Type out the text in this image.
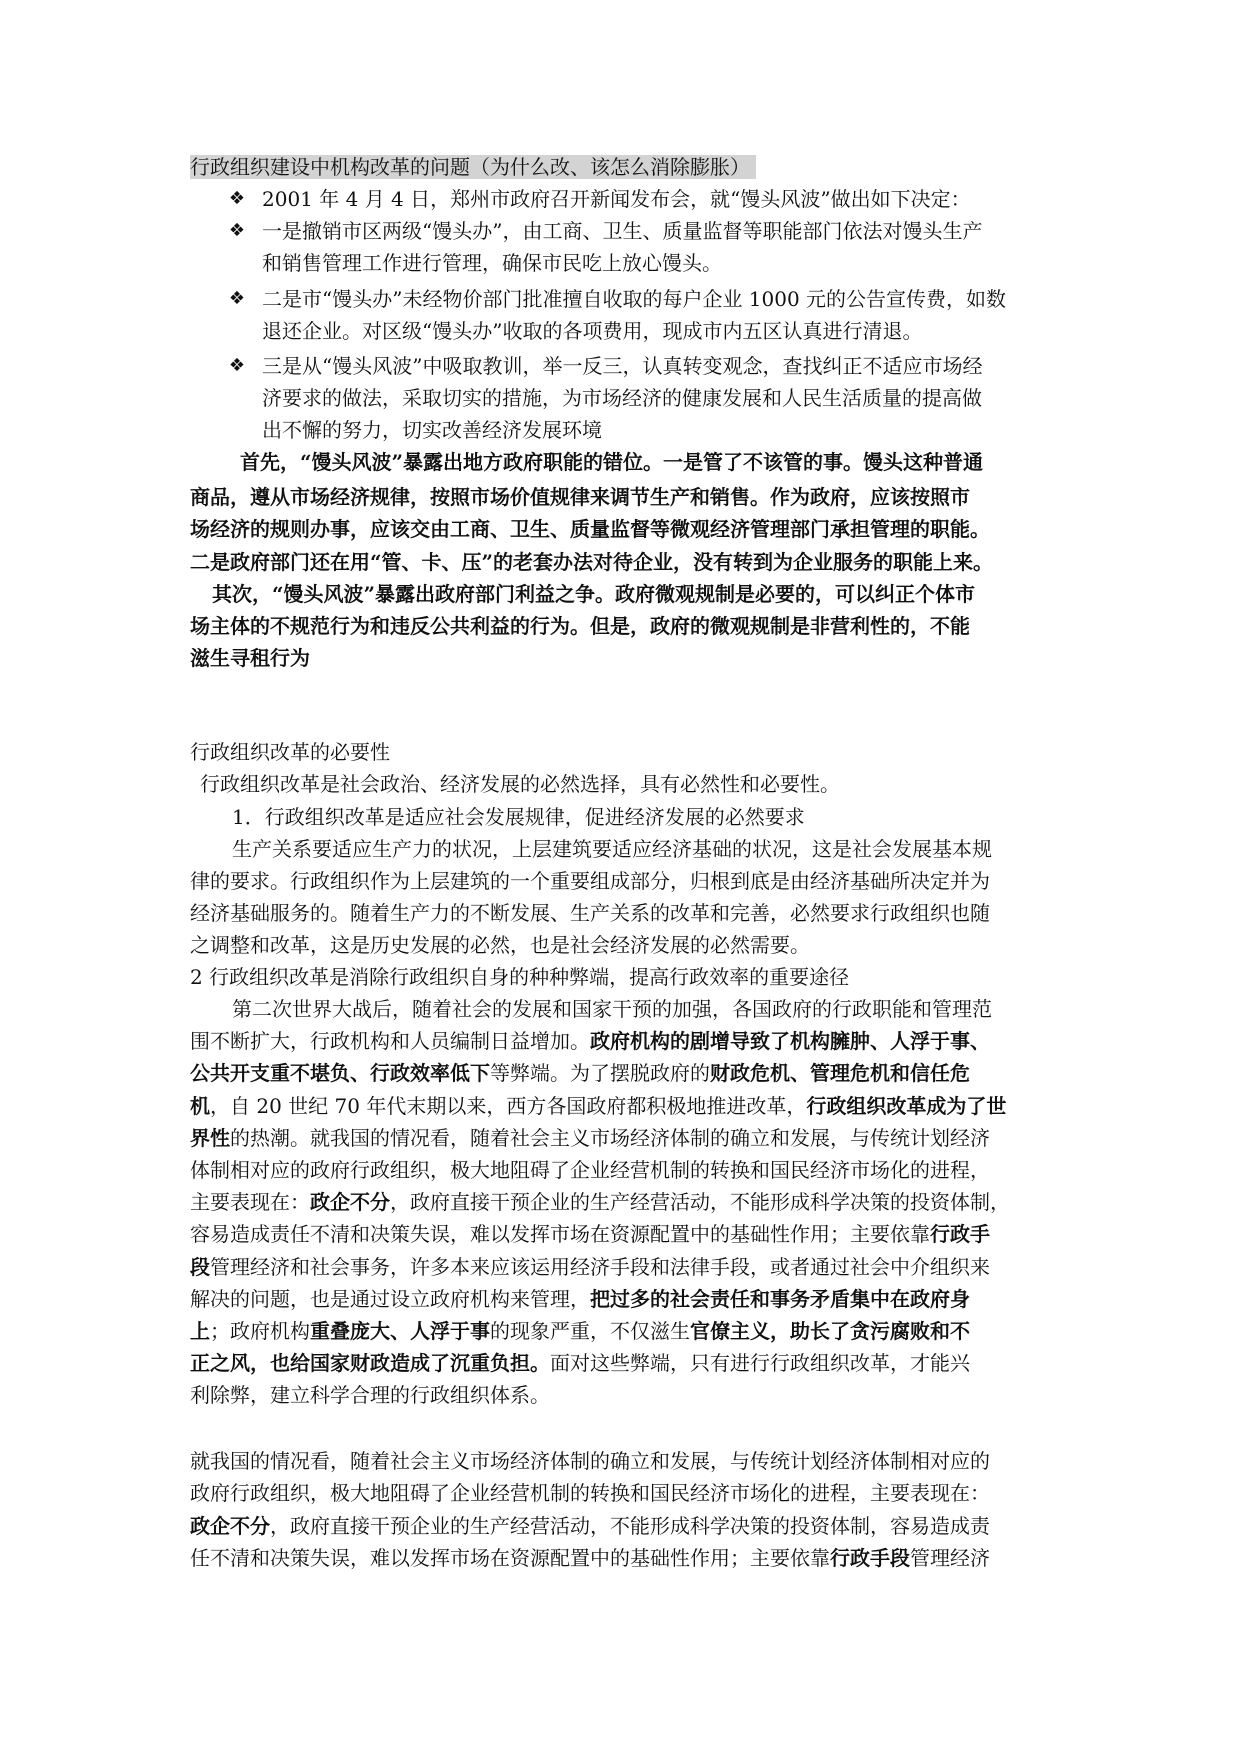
行政组织建设中机构改革的问题（为什么改、该怎么消除膨胀）
❖ 2001 年 4 月 4 日，郑州市政府召开新闻发布会，就“馒头风波”做出如下决定：
❖ 一是撤销市区两级“馒头办”，由工商、卫生、质量监督等职能部门依法对馒头生产
和销售管理工作进行管理，确保市民吃上放心馒头。
❖ 二是市“馒头办”未经物价部门批准擅自收取的每户企业 1000 元的公告宣传费，如数
退还企业。对区级“馒头办”收取的各项费用，现成市内五区认真进行清退。
❖ 三是从“馒头风波”中吸取教训，举一反三，认真转变观念，查找纠正不适应市场经
济要求的做法，采取切实的措施，为市场经济的健康发展和人民生活质量的提高做
出不懈的努力，切实改善经济发展环境
首先，“馒头风波”暴露出地方政府职能的错位。一是管了不该管的事。馒头这种普通
商品，遵从市场经济规律，按照市场价值规律来调节生产和销售。作为政府，应该按照市
场经济的规则办事，应该交由工商、卫生、质量监督等微观经济管理部门承担管理的职能。
二是政府部门还在用“管、卡、压”的老套办法对待企业，没有转到为企业服务的职能上来。
其次，“馒头风波”暴露出政府部门利益之争。政府微观规制是必要的，可以纠正个体市
场主体的不规范行为和违反公共利益的行为。但是，政府的微观规制是非营利性的，不能
滋生寻租行为
行政组织改革的必要性
行政组织改革是社会政治、经济发展的必然选择，具有必然性和必要性。
1．行政组织改革是适应社会发展规律，促进经济发展的必然要求
生产关系要适应生产力的状况，上层建筑要适应经济基础的状况，这是社会发展基本规
律的要求。行政组织作为上层建筑的一个重要组成部分，归根到底是由经济基础所决定并为
经济基础服务的。随着生产力的不断发展、生产关系的改革和完善，必然要求行政组织也随
之调整和改革，这是历史发展的必然，也是社会经济发展的必然需要。
2 行政组织改革是消除行政组织自身的种种弊端，提高行政效率的重要途径
第二次世界大战后，随着社会的发展和国家干预的加强，各国政府的行政职能和管理范
围不断扩大，行政机构和人员编制日益增加。政府机构的剧增导致了机构臃肿、人浮于事、
公共开支重不堪负、行政效率低下等弊端。为了摆脱政府的财政危机、管理危机和信任危
机，自 20 世纪 70 年代末期以来，西方各国政府都积极地推进改革，行政组织改革成为了世
界性的热潮。就我国的情况看，随着社会主义市场经济体制的确立和发展，与传统计划经济
体制相对应的政府行政组织，极大地阻碍了企业经营机制的转换和国民经济市场化的进程，
主要表现在：政企不分，政府直接干预企业的生产经营活动，不能形成科学决策的投资体制，
容易造成责任不清和决策失误，难以发挥市场在资源配置中的基础性作用；主要依靠行政手
段管理经济和社会事务，许多本来应该运用经济手段和法律手段，或者通过社会中介组织来
解决的问题，也是通过设立政府机构来管理，把过多的社会责任和事务矛盾集中在政府身
上；政府机构重叠庞大、人浮于事的现象严重，不仅滋生官僚主义，助长了贪污腐败和不
正之风，也给国家财政造成了沉重负担。面对这些弊端，只有进行行政组织改革，才能兴
利除弊，建立科学合理的行政组织体系。
就我国的情况看，随着社会主义市场经济体制的确立和发展，与传统计划经济体制相对应的
政府行政组织，极大地阻碍了企业经营机制的转换和国民经济市场化的进程，主要表现在：
政企不分，政府直接干预企业的生产经营活动，不能形成科学决策的投资体制，容易造成责
任不清和决策失误，难以发挥市场在资源配置中的基础性作用；主要依靠行政手段管理经济
